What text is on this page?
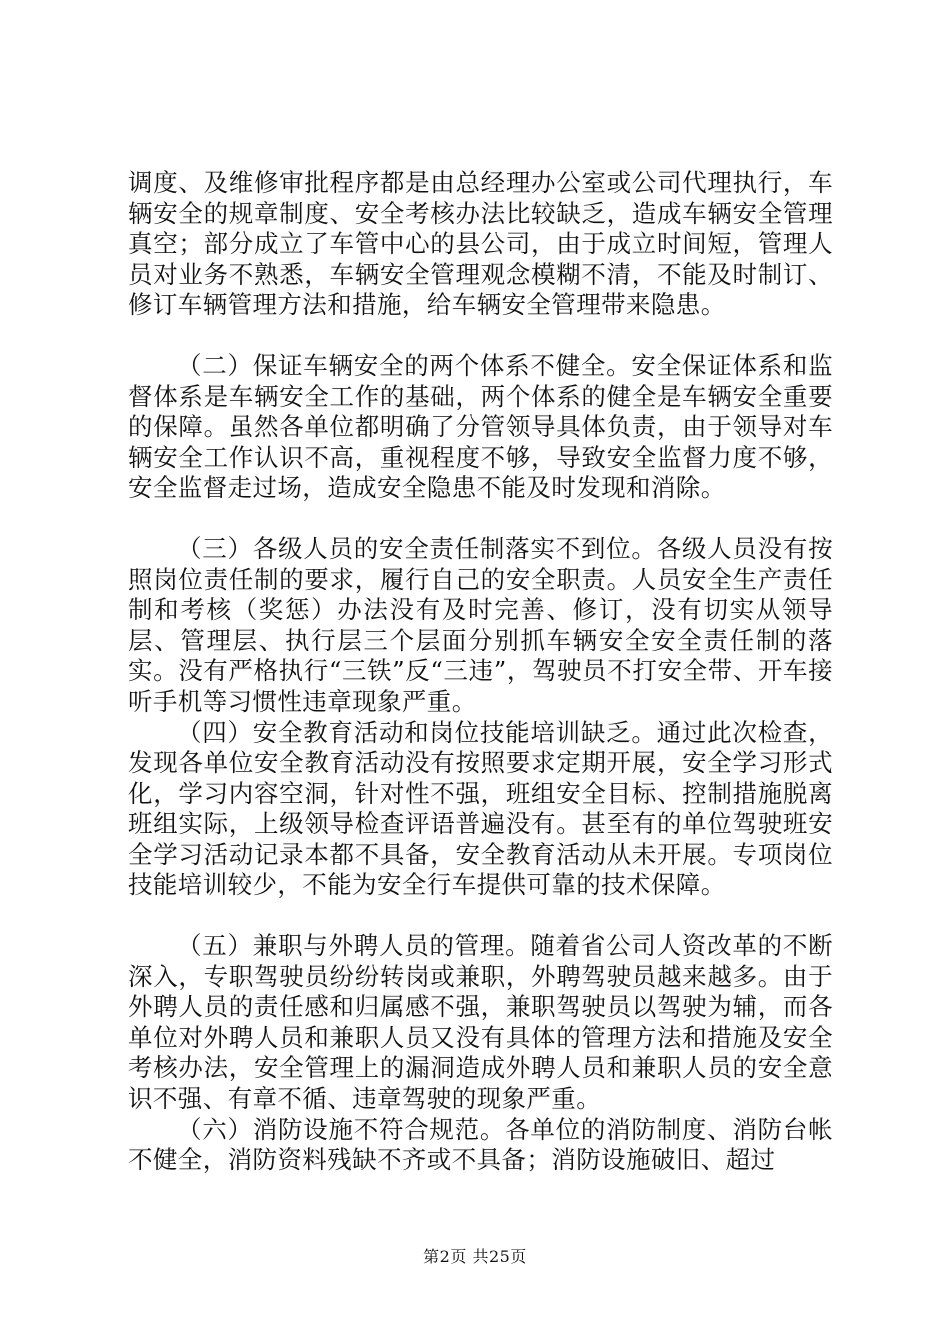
调度、及维修审批程序都是由总经理办公室或公司代理执行，车辆安全的规章制度、安全考核办法比较缺乏，造成车辆安全管理真空；部分成立了车管中心的县公司，由于成立时间短，管理人员对业务不熟悉，车辆安全管理观念模糊不清，不能及时制订、修订车辆管理方法和措施，给车辆安全管理带来隐患。

（二）保证车辆安全的两个体系不健全。安全保证体系和监督体系是车辆安全工作的基础，两个体系的健全是车辆安全重要的保障。虽然各单位都明确了分管领导具体负责，由于领导对车辆安全工作认识不高，重视程度不够，导致安全监督力度不够，安全监督走过场，造成安全隐患不能及时发现和消除。

（三）各级人员的安全责任制落实不到位。各级人员没有按照岗位责任制的要求，履行自己的安全职责。人员安全生产责任制和考核（奖惩）办法没有及时完善、修订，没有切实从领导层、管理层、执行层三个层面分别抓车辆安全安全责任制的落实。没有严格执行“三铁”反“三违”，驾驶员不打安全带、开车接听手机等习惯性违章现象严重。

（四）安全教育活动和岗位技能培训缺乏。通过此次检查，发现各单位安全教育活动没有按照要求定期开展，安全学习形式化，学习内容空洞，针对性不强，班组安全目标、控制措施脱离班组实际，上级领导检查评语普遍没有。甚至有的单位驾驶班安全学习活动记录本都不具备，安全教育活动从未开展。专项岗位技能培训较少，不能为安全行车提供可靠的技术保障。

（五）兼职与外聘人员的管理。随着省公司人资改革的不断深入，专职驾驶员纷纷转岗或兼职，外聘驾驶员越来越多。由于外聘人员的责任感和归属感不强，兼职驾驶员以驾驶为辅，而各单位对外聘人员和兼职人员又没有具体的管理方法和措施及安全考核办法，安全管理上的漏洞造成外聘人员和兼职人员的安全意识不强、有章不循、违章驾驶的现象严重。

（六）消防设施不符合规范。各单位的消防制度、消防台帐不健全，消防资料残缺不齐或不具备；消防设施破旧、超过

第2页 共25页
